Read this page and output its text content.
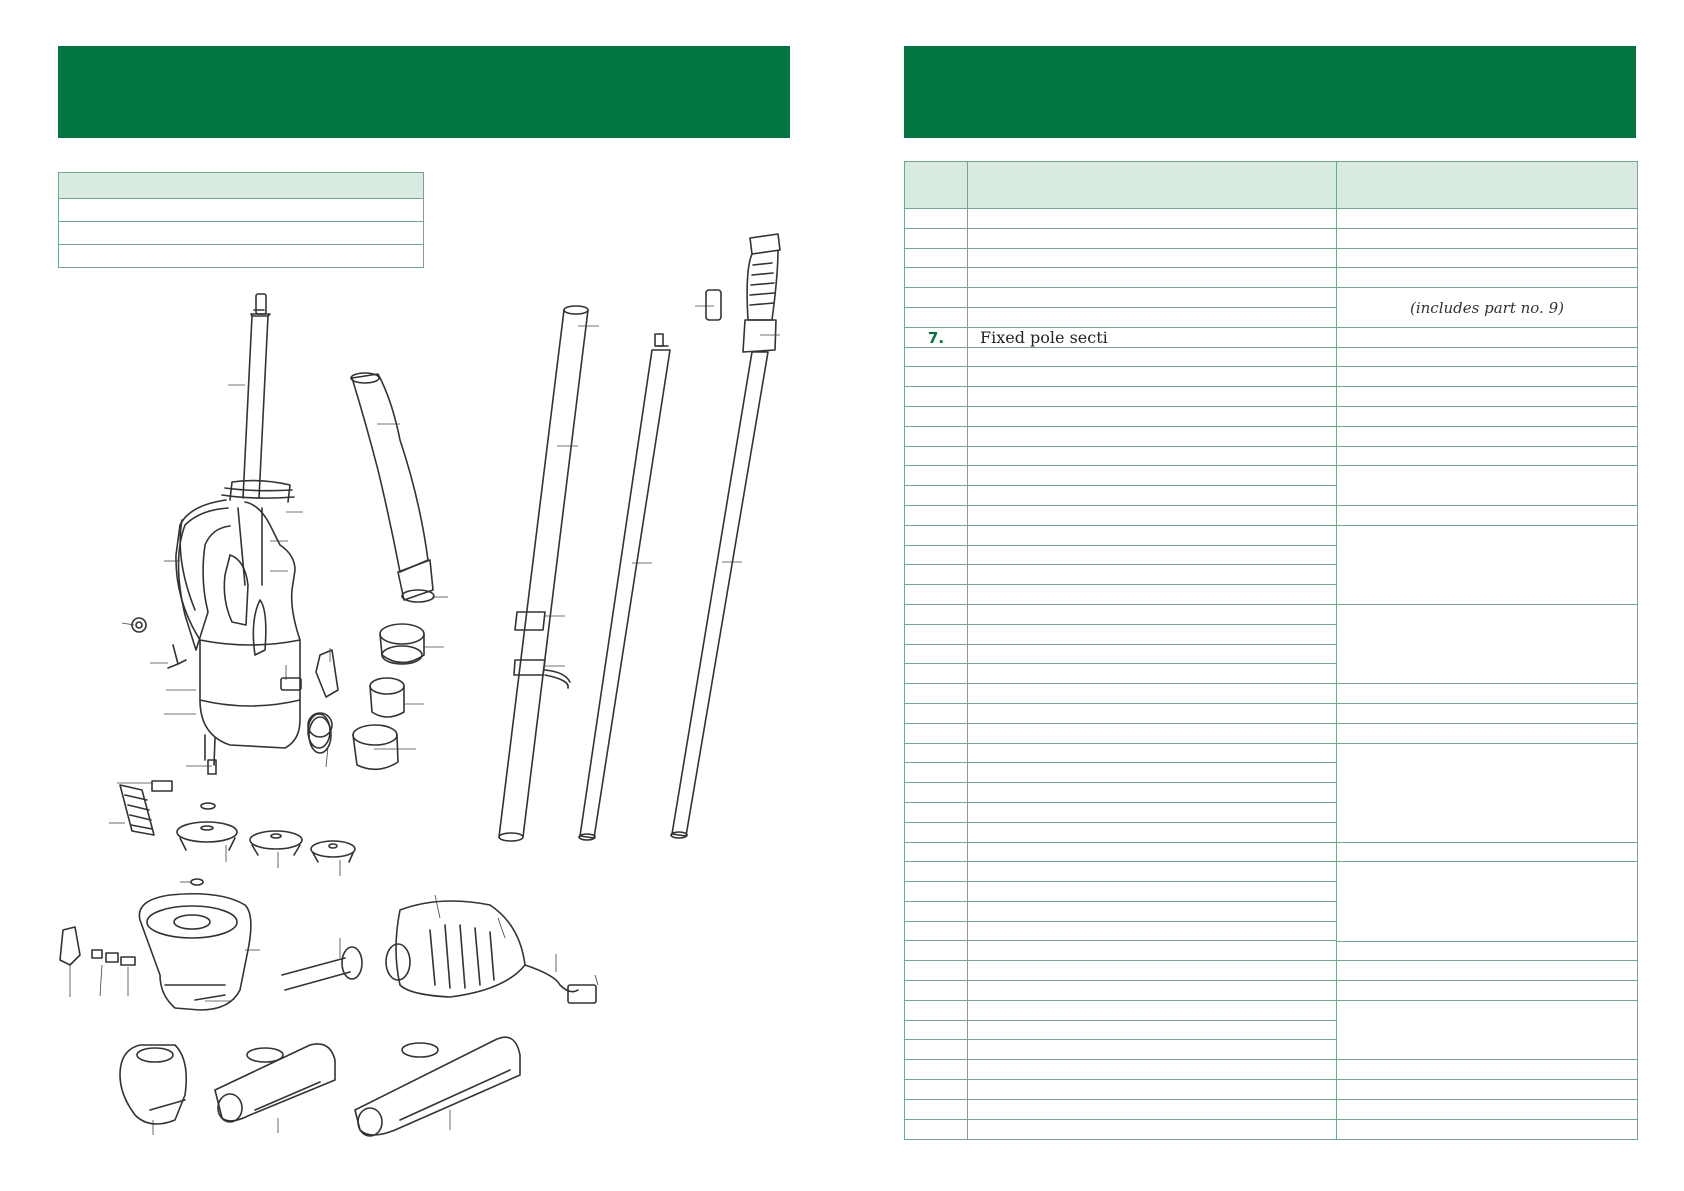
7.	Fixed pole secti
(includes part no. 9)
